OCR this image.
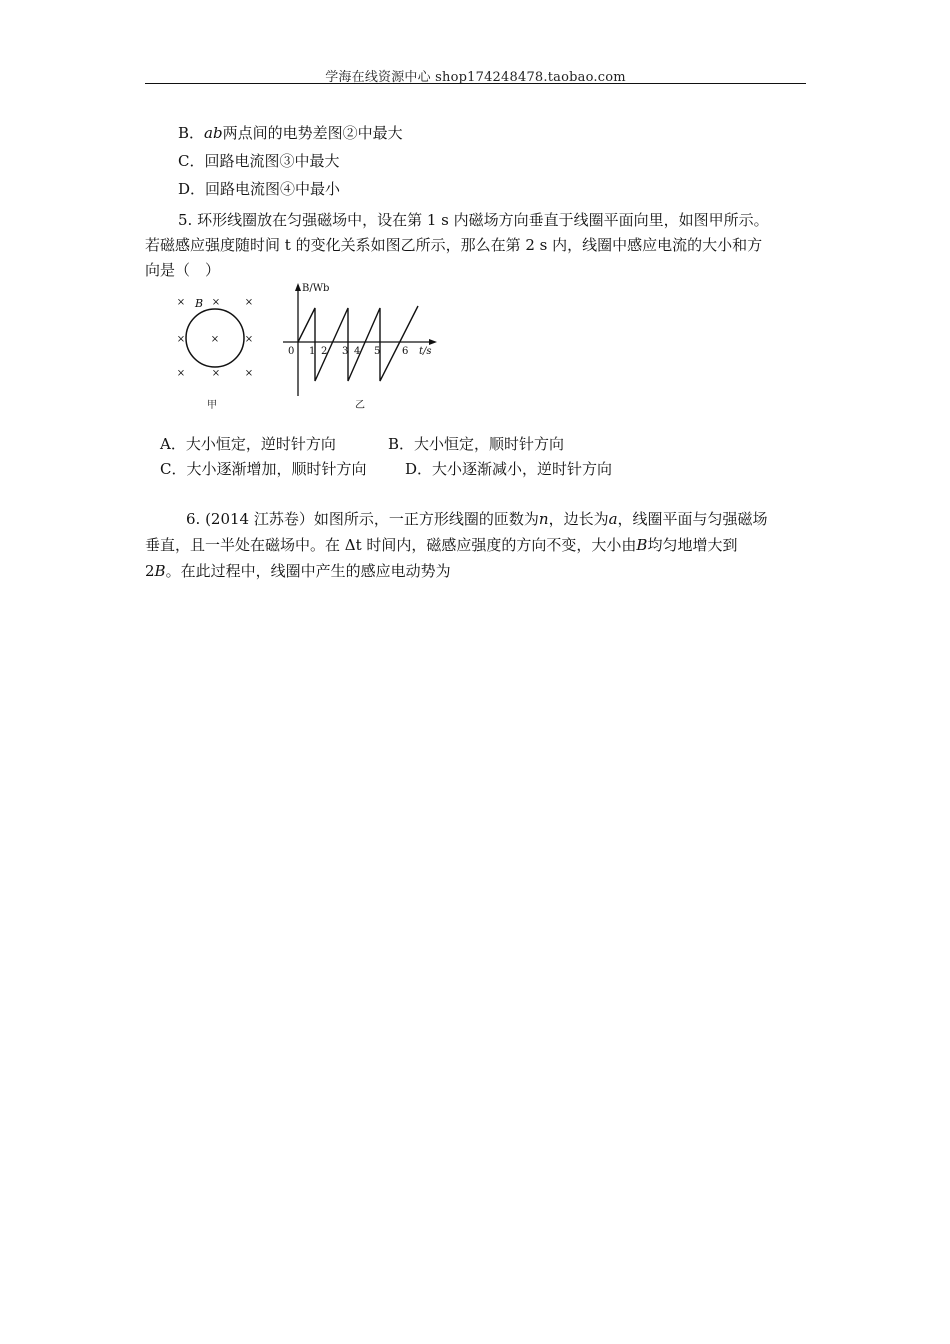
学海在线资源中心 shop174248478.taobao.com
B．ab两点间的电势差图②中最大
C．回路电流图③中最大
D．回路电流图④中最小
5. 环形线圈放在匀强磁场中，设在第 1 s 内磁场方向垂直于线圈平面向里，如图甲所示。
若磁感应强度随时间 t 的变化关系如图乙所示，那么在第 2 s 内，线圈中感应电流的大小和方
向是（　）
×	× ×
×	×	×
×	× ×
B
甲
B/Wb
t/s
0 1 2 3 4 5 6
乙
A．大小恒定，逆时针方向	B．大小恒定，顺时针方向
C．大小逐渐增加，顺时针方向	D．大小逐渐减小，逆时针方向
6. (2014 江苏卷）如图所示，一正方形线圈的匝数为n，边长为a，线圈平面与匀强磁场
垂直，且一半处在磁场中。在 Δt 时间内，磁感应强度的方向不变，大小由B均匀地增大到
2B。在此过程中，线圈中产生的感应电动势为
